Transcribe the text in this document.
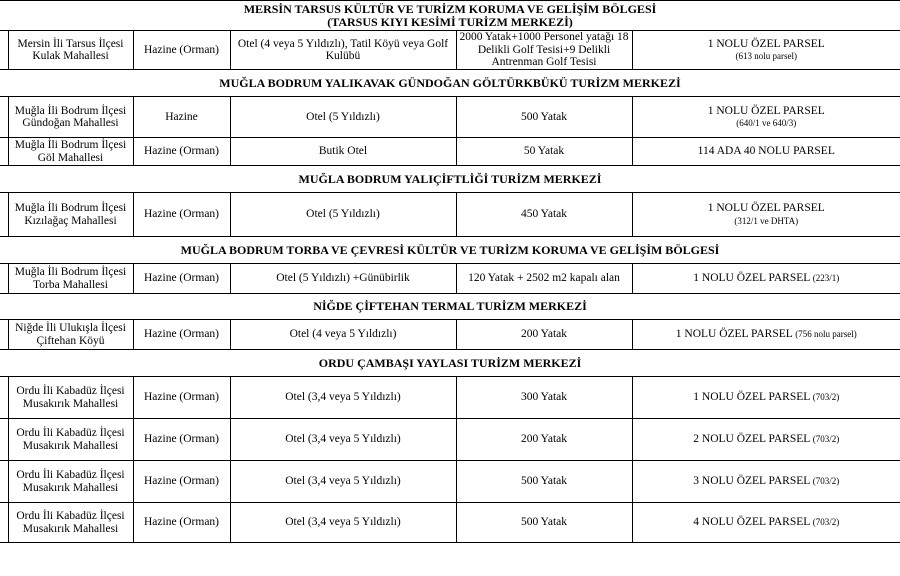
MERSİN TARSUS KÜLTÜR VE TURİZM KORUMA VE GELİŞİM BÖLGESİ
(TARSUS KIYI KESİMİ TURİZM MERKEZİ)					
	Mersin İli Tarsus İlçesi Kulak Mahallesi	Hazine (Orman)	Otel (4 veya 5 Yıldızlı), Tatil Köyü veya Golf Kulübü	2000 Yatak+1000 Personel yatağı 18 Delikli Golf Tesisi+9 Delikli Antrenman Golf Tesisi	1 NOLU ÖZEL PARSEL
(613 nolu parsel)
MUĞLA BODRUM YALIKAVAK GÜNDOĞAN GÖLTÜRKBÜKÜ TURİZM MERKEZİ					
	Muğla İli Bodrum İlçesi Gündoğan Mahallesi	Hazine	Otel (5 Yıldızlı)	500 Yatak	1 NOLU ÖZEL PARSEL
(640/1 ve 640/3)
	Muğla İli Bodrum İlçesi Göl Mahallesi	Hazine (Orman)	Butik Otel	50 Yatak	114 ADA 40 NOLU PARSEL
MUĞLA BODRUM YALIÇİFTLİĞİ TURİZM MERKEZİ					
	Muğla İli Bodrum İlçesi Kızılağaç Mahallesi	Hazine (Orman)	Otel (5 Yıldızlı)	450 Yatak	1 NOLU ÖZEL PARSEL
(312/1 ve DHTA)
MUĞLA BODRUM TORBA VE ÇEVRESİ KÜLTÜR VE TURİZM KORUMA VE GELİŞİM BÖLGESİ					
	Muğla İli Bodrum İlçesi Torba Mahallesi	Hazine (Orman)	Otel (5 Yıldızlı) +Günübirlik	120 Yatak + 2502 m2 kapalı alan	1 NOLU ÖZEL PARSEL (223/1)
NİĞDE ÇİFTEHAN TERMAL TURİZM MERKEZİ					
	Niğde İli Ulukışla İlçesi Çiftehan Köyü	Hazine (Orman)	Otel (4 veya 5 Yıldızlı)	200 Yatak	1 NOLU ÖZEL PARSEL (756 nolu parsel)
ORDU ÇAMBAŞI YAYLASI TURİZM MERKEZİ					
	Ordu İli Kabadüz İlçesi Musakırık Mahallesi	Hazine (Orman)	Otel (3,4 veya 5 Yıldızlı)	300 Yatak	1 NOLU ÖZEL PARSEL (703/2)
	Ordu İli Kabadüz İlçesi Musakırık Mahallesi	Hazine (Orman)	Otel (3,4 veya 5 Yıldızlı)	200 Yatak	2 NOLU ÖZEL PARSEL (703/2)
	Ordu İli Kabadüz İlçesi Musakırık Mahallesi	Hazine (Orman)	Otel (3,4 veya 5 Yıldızlı)	500 Yatak	3 NOLU ÖZEL PARSEL (703/2)
	Ordu İli Kabadüz İlçesi Musakırık Mahallesi	Hazine (Orman)	Otel (3,4 veya 5 Yıldızlı)	500 Yatak	4 NOLU ÖZEL PARSEL (703/2)
